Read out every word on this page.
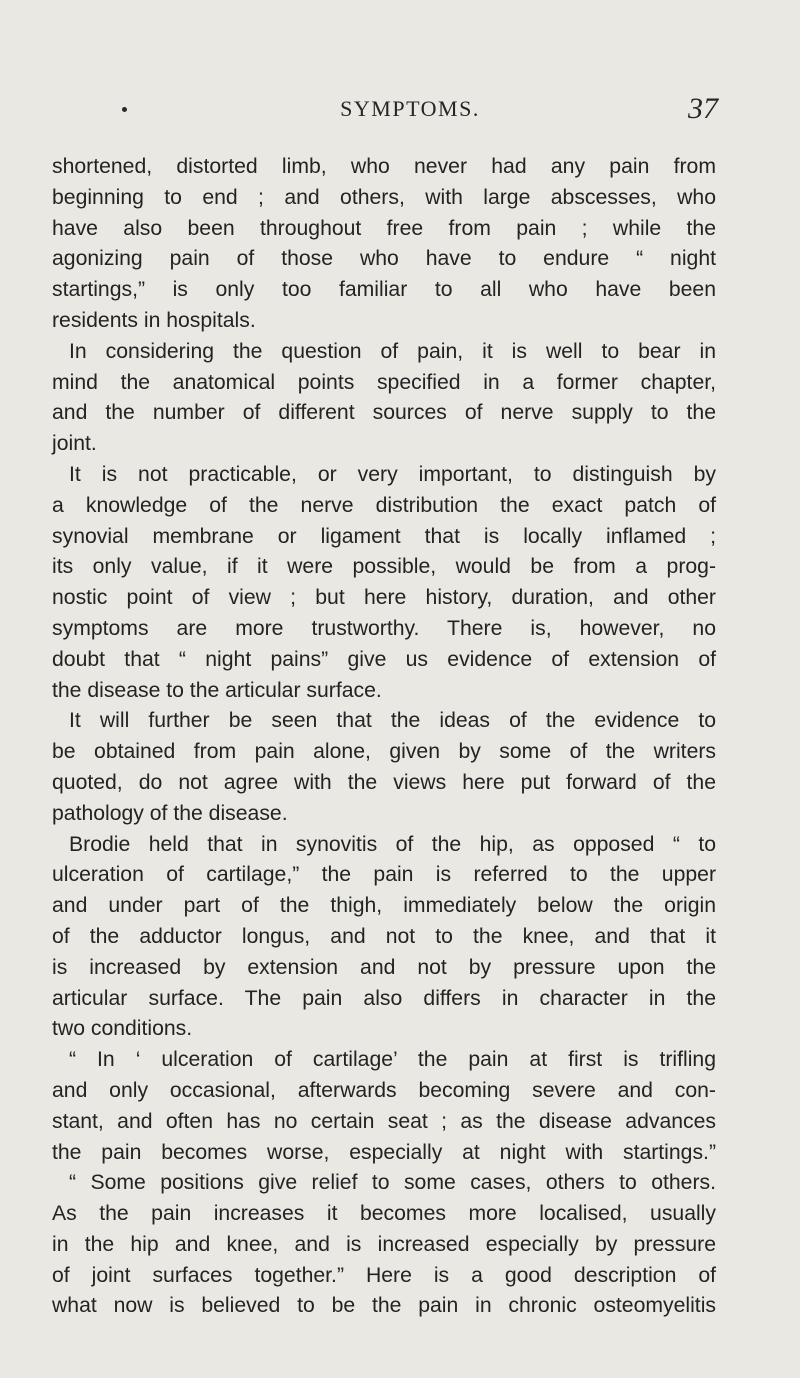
SYMPTOMS.	37
shortened, distorted limb, who never had any pain from
beginning to end ; and others, with large abscesses, who
have also been throughout free from pain ; while the
agonizing pain of those who have to endure “ night
startings,” is only too familiar to all who have been
residents in hospitals.
In considering the question of pain, it is well to bear in
mind the anatomical points specified in a former chapter,
and the number of different sources of nerve supply to the
joint.
It is not practicable, or very important, to distinguish by
a knowledge of the nerve distribution the exact patch of
synovial membrane or ligament that is locally inflamed ;
its only value, if it were possible, would be from a prog-
nostic point of view ; but here history, duration, and other
symptoms are more trustworthy. There is, however, no
doubt that “ night pains” give us evidence of extension of
the disease to the articular surface.
It will further be seen that the ideas of the evidence to
be obtained from pain alone, given by some of the writers
quoted, do not agree with the views here put forward of the
pathology of the disease.
Brodie held that in synovitis of the hip, as opposed “ to
ulceration of cartilage,” the pain is referred to the upper
and under part of the thigh, immediately below the origin
of the adductor longus, and not to the knee, and that it
is increased by extension and not by pressure upon the
articular surface. The pain also differs in character in the
two conditions.
“ In ‘ ulceration of cartilage’ the pain at first is trifling
and only occasional, afterwards becoming severe and con-
stant, and often has no certain seat ; as the disease advances
the pain becomes worse, especially at night with startings.”
“ Some positions give relief to some cases, others to others.
As the pain increases it becomes more localised, usually
in the hip and knee, and is increased especially by pressure
of joint surfaces together.” Here is a good description of
what now is believed to be the pain in chronic osteomyelitis
